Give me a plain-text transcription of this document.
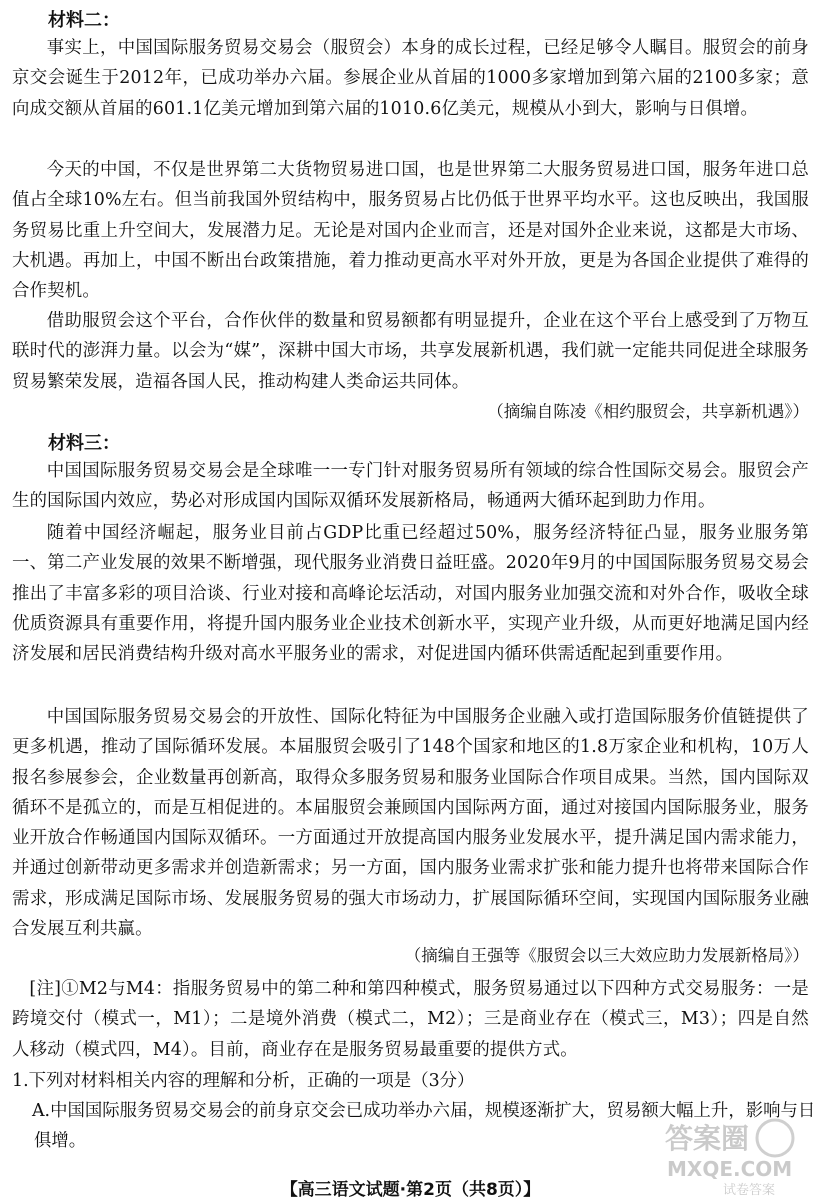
材料二：

事实上，中国国际服务贸易交易会（服贸会）本身的成长过程，已经足够令人瞩目。服贸会的前身京交会诞生于2012年，已成功举办六届。参展企业从首届的1000多家增加到第六届的2100多家；意向成交额从首届的601.1亿美元增加到第六届的1010.6亿美元，规模从小到大，影响与日俱增。

今天的中国，不仅是世界第二大货物贸易进口国，也是世界第二大服务贸易进口国，服务年进口总值占全球10%左右。但当前我国外贸结构中，服务贸易占比仍低于世界平均水平。这也反映出，我国服务贸易比重上升空间大，发展潜力足。无论是对国内企业而言，还是对国外企业来说，这都是大市场、大机遇。再加上，中国不断出台政策措施，着力推动更高水平对外开放，更是为各国企业提供了难得的合作契机。

借助服贸会这个平台，合作伙伴的数量和贸易额都有明显提升，企业在这个平台上感受到了万物互联时代的澎湃力量。以会为“媒”，深耕中国大市场，共享发展新机遇，我们就一定能共同促进全球服务贸易繁荣发展，造福各国人民，推动构建人类命运共同体。

（摘编自陈凌《相约服贸会，共享新机遇》）
材料三：

中国国际服务贸易交易会是全球唯一一专门针对服务贸易所有领域的综合性国际交易会。服贸会产生的国际国内效应，势必对形成国内国际双循环发展新格局，畅通两大循环起到助力作用。

随着中国经济崛起，服务业目前占GDP比重已经超过50%，服务经济特征凸显，服务业服务第一、第二产业发展的效果不断增强，现代服务业消费日益旺盛。2020年9月的中国国际服务贸易交易会推出了丰富多彩的项目洽谈、行业对接和高峰论坛活动，对国内服务业加强交流和对外合作，吸收全球优质资源具有重要作用，将提升国内服务业企业技术创新水平，实现产业升级，从而更好地满足国内经济发展和居民消费结构升级对高水平服务业的需求，对促进国内循环供需适配起到重要作用。

中国国际服务贸易交易会的开放性、国际化特征为中国服务企业融入或打造国际服务价值链提供了更多机遇，推动了国际循环发展。本届服贸会吸引了148个国家和地区的1.8万家企业和机构，10万人报名参展参会，企业数量再创新高，取得众多服务贸易和服务业国际合作项目成果。当然，国内国际双循环不是孤立的，而是互相促进的。本届服贸会兼顾国内国际两方面，通过对接国内国际服务业，服务业开放合作畅通国内国际双循环。一方面通过开放提高国内服务业发展水平，提升满足国内需求能力，并通过创新带动更多需求并创造新需求；另一方面，国内服务业需求扩张和能力提升也将带来国际合作需求，形成满足国际市场、发展服务贸易的强大市场动力，扩展国际循环空间，实现国内国际服务业融合发展互利共赢。

（摘编自王强等《服贸会以三大效应助力发展新格局》）

[注]①M2与M4：指服务贸易中的第二种和第四种模式，服务贸易通过以下四种方式交易服务：一是跨境交付（模式一，M1）；二是境外消费（模式二，M2）；三是商业存在（模式三，M3）；四是自然人移动（模式四，M4）。目前，商业存在是服务贸易最重要的提供方式。

1.下列对材料相关内容的理解和分析，正确的一项是（3分）
A.中国国际服务贸易交易会的前身京交会已成功举办六届，规模逐渐扩大，贸易额大幅上升，影响与日俱增。
【高三语文试题·第2页（共8页）】
答案圈
MXQE.COM
试卷答案
